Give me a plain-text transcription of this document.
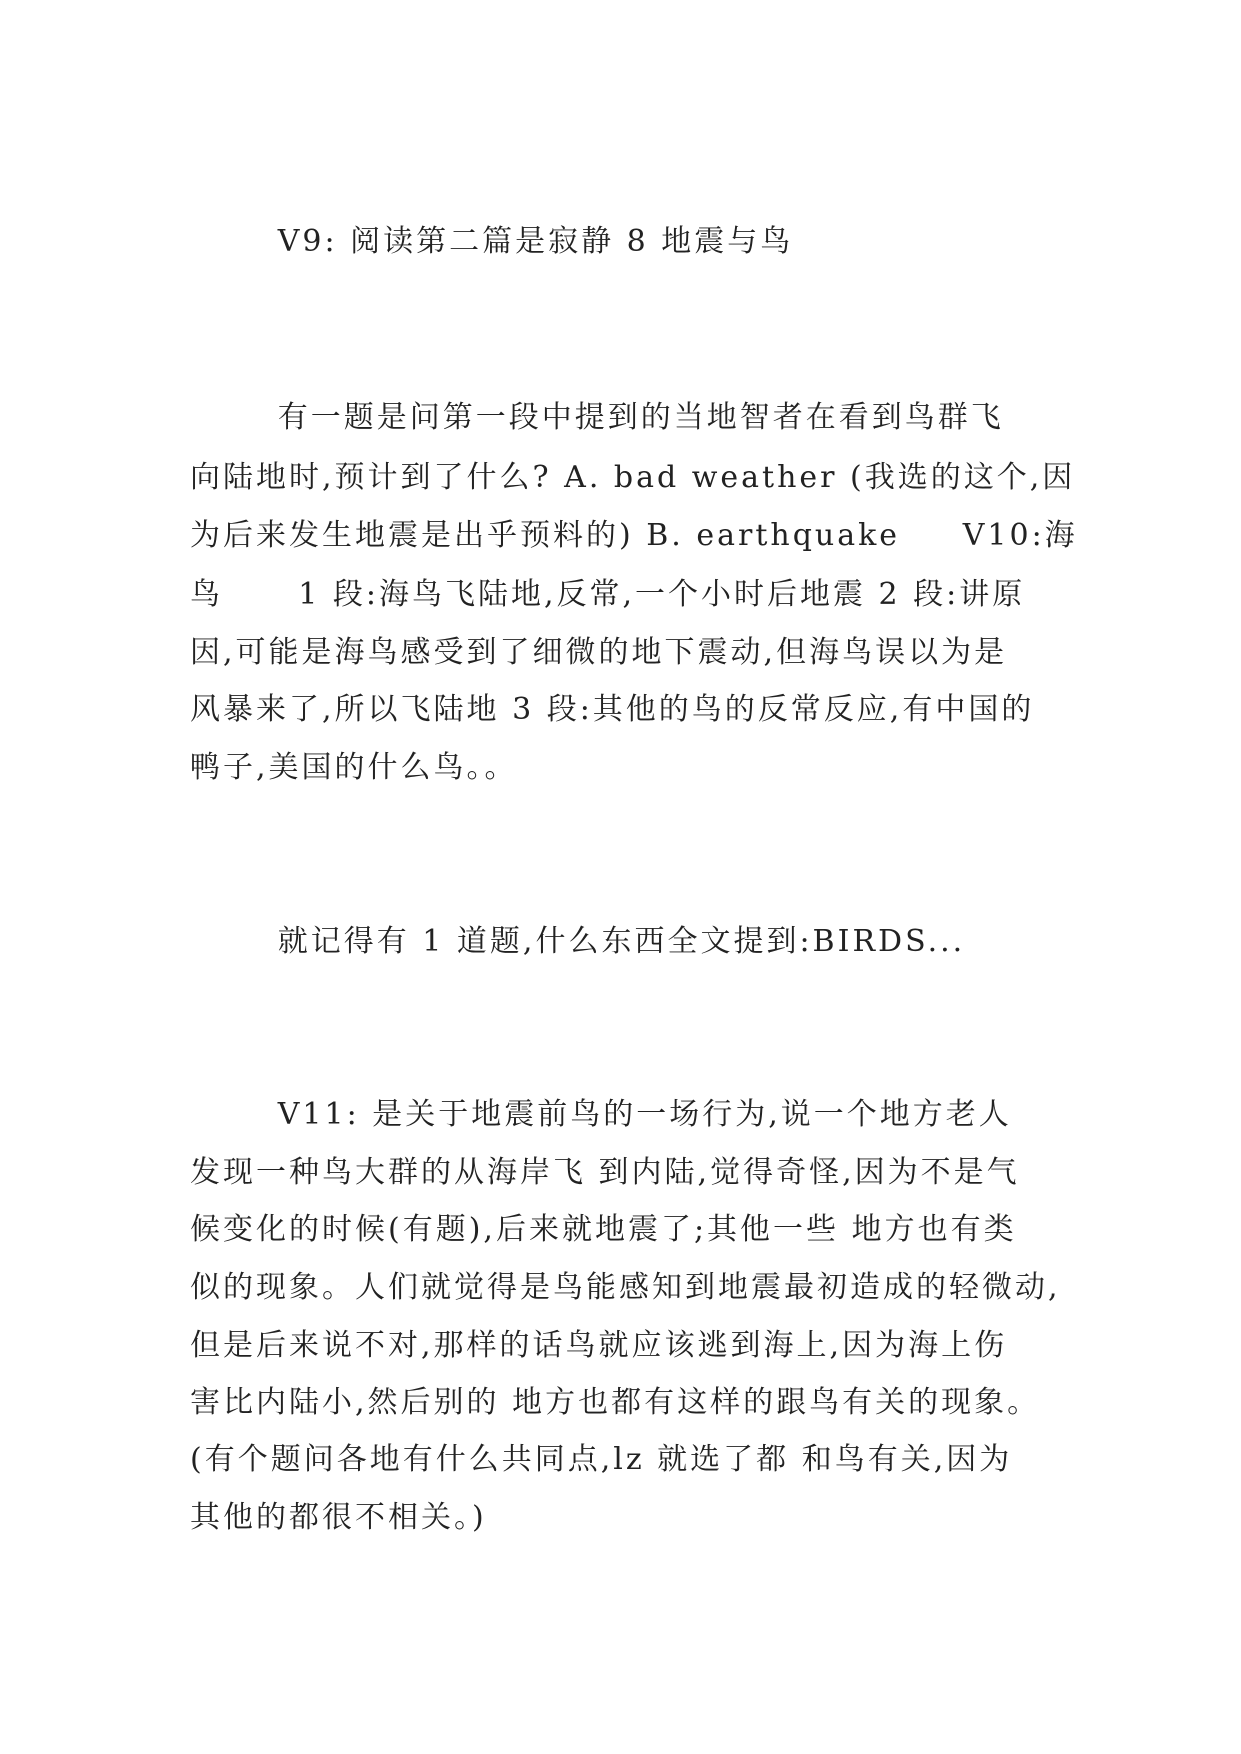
V9: 阅读第二篇是寂静 8 地震与鸟
有一题是问第一段中提到的当地智者在看到鸟群飞
向陆地时,预计到了什么? A. bad weather (我选的这个,因
为后来发生地震是出乎预料的) B. earthquake     V10:海
鸟      1 段:海鸟飞陆地,反常,一个小时后地震 2 段:讲原
因,可能是海鸟感受到了细微的地下震动,但海鸟误以为是
风暴来了,所以飞陆地 3 段:其他的鸟的反常反应,有中国的
鸭子,美国的什么鸟。。
就记得有 1 道题,什么东西全文提到:BIRDS...
V11: 是关于地震前鸟的一场行为,说一个地方老人
发现一种鸟大群的从海岸飞 到内陆,觉得奇怪,因为不是气
候变化的时候(有题),后来就地震了;其他一些 地方也有类
似的现象。人们就觉得是鸟能感知到地震最初造成的轻微动,
但是后来说不对,那样的话鸟就应该逃到海上,因为海上伤
害比内陆小,然后别的 地方也都有这样的跟鸟有关的现象。
(有个题问各地有什么共同点,lz 就选了都 和鸟有关,因为
其他的都很不相关。)
